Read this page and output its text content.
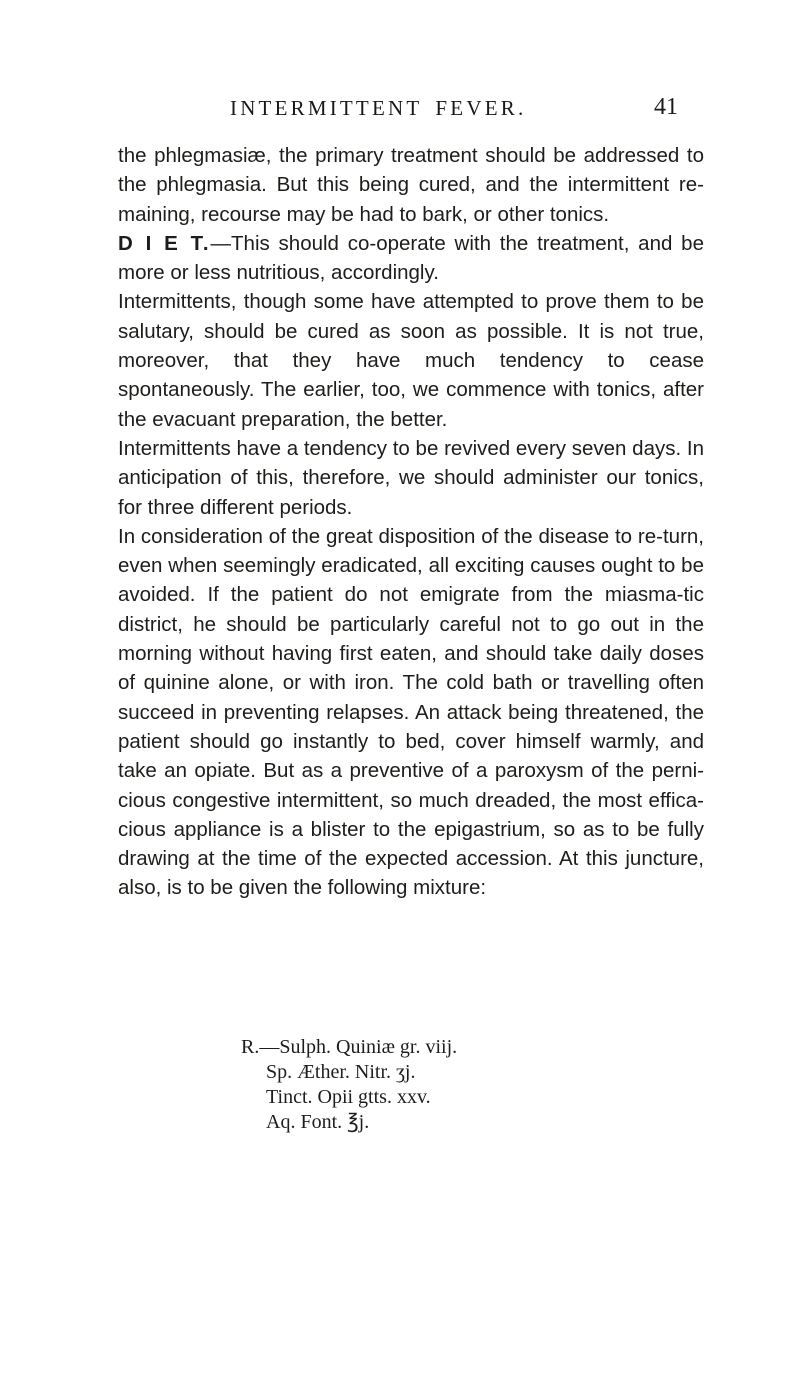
INTERMITTENT FEVER.	41

the phlegmasiæ, the primary treatment should be addressed to the phlegmasia. But this being cured, and the intermittent re-maining, recourse may be had to bark, or other tonics.

D I E T.—This should co-operate with the treatment, and be more or less nutritious, accordingly.

Intermittents, though some have attempted to prove them to be salutary, should be cured as soon as possible. It is not true, moreover, that they have much tendency to cease spontaneously. The earlier, too, we commence with tonics, after the evacuant preparation, the better.

Intermittents have a tendency to be revived every seven days. In anticipation of this, therefore, we should administer our tonics, for three different periods.

In consideration of the great disposition of the disease to re-turn, even when seemingly eradicated, all exciting causes ought to be avoided. If the patient do not emigrate from the miasma-tic district, he should be particularly careful not to go out in the morning without having first eaten, and should take daily doses of quinine alone, or with iron. The cold bath or travelling often succeed in preventing relapses. An attack being threatened, the patient should go instantly to bed, cover himself warmly, and take an opiate. But as a preventive of a paroxysm of the perni-cious congestive intermittent, so much dreaded, the most effica-cious appliance is a blister to the epigastrium, so as to be fully drawing at the time of the expected accession. At this juncture, also, is to be given the following mixture:

R.—Sulph. Quiniæ gr. viij.
Sp. Æther. Nitr. ʒj.
Tinct. Opii gtts. xxv.
Aq. Font. ℥j.
